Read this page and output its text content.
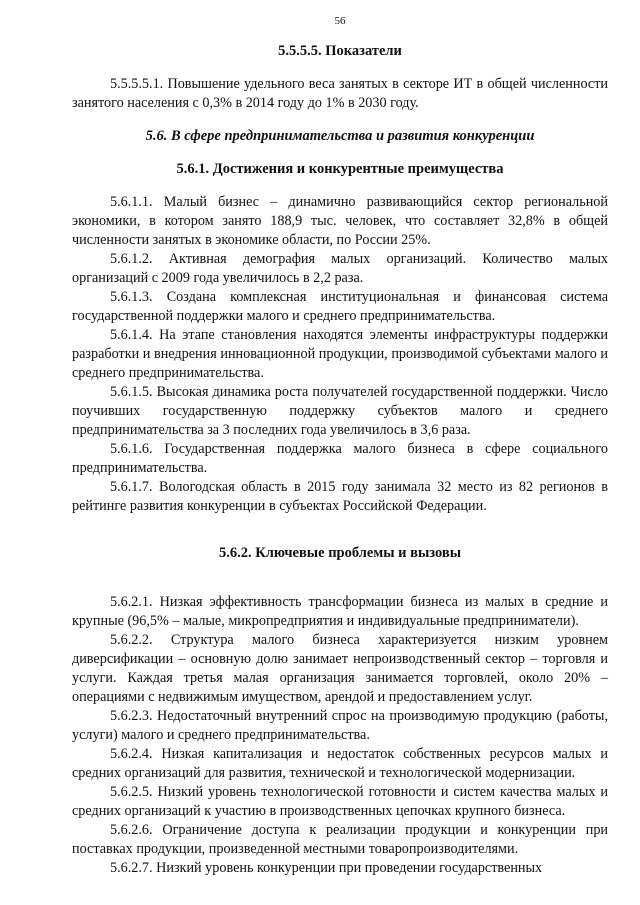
56
5.5.5.5. Показатели

5.5.5.5.1. Повышение удельного веса занятых в секторе ИТ в общей численности занятого населения с 0,3% в 2014 году до 1% в 2030 году.

5.6. В сфере предпринимательства и развития конкуренции
5.6.1. Достижения и конкурентные преимущества

5.6.1.1. Малый бизнес – динамично развивающийся сектор региональной экономики, в котором занято 188,9 тыс. человек, что составляет 32,8% в общей численности занятых в экономике области, по России 25%.

5.6.1.2. Активная демография малых организаций. Количество малых организаций с 2009 года увеличилось в 2,2 раза.

5.6.1.3. Создана комплексная институциональная и финансовая система государственной поддержки малого и среднего предпринимательства.

5.6.1.4. На этапе становления находятся элементы инфраструктуры поддержки разработки и внедрения инновационной продукции, производимой субъектами малого и среднего предпринимательства.

5.6.1.5. Высокая динамика роста получателей государственной поддержки. Число поучивших государственную поддержку субъектов малого и среднего предпринимательства за 3 последних года увеличилось в 3,6 раза.

5.6.1.6. Государственная поддержка малого бизнеса в сфере социального предпринимательства.

5.6.1.7. Вологодская область в 2015 году занимала 32 место из 82 регионов в рейтинге развития конкуренции в субъектах Российской Федерации.

5.6.2. Ключевые проблемы и вызовы

5.6.2.1. Низкая эффективность трансформации бизнеса из малых в средние и крупные (96,5% – малые, микропредприятия и индивидуальные предприниматели).

5.6.2.2. Структура малого бизнеса характеризуется низким уровнем диверсификации – основную долю занимает непроизводственный сектор – торговля и услуги. Каждая третья малая организация занимается торговлей, около 20% – операциями с недвижимым имуществом, арендой и предоставлением услуг.

5.6.2.3. Недостаточный внутренний спрос на производимую продукцию (работы, услуги) малого и среднего предпринимательства.

5.6.2.4. Низкая капитализация и недостаток собственных ресурсов малых и средних организаций для развития, технической и технологической модернизации.

5.6.2.5. Низкий уровень технологической готовности и систем качества малых и средних организаций к участию в производственных цепочках крупного бизнеса.

5.6.2.6. Ограничение доступа к реализации продукции и конкуренции при поставках продукции, произведенной местными товаропроизводителями.

5.6.2.7. Низкий уровень конкуренции при проведении государственных
